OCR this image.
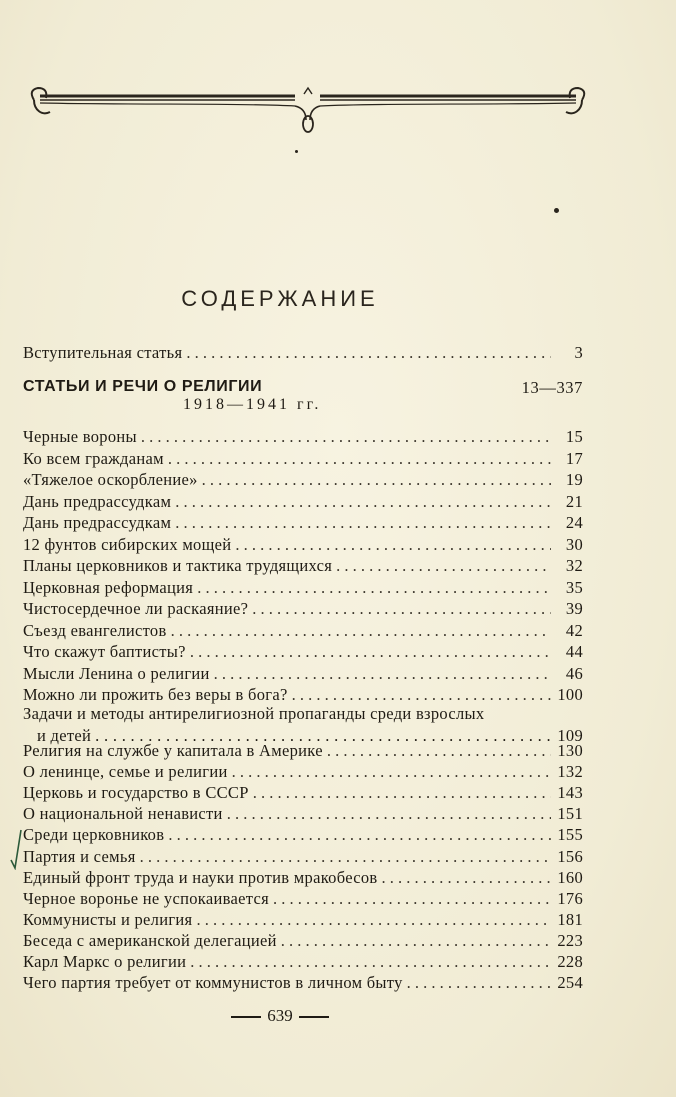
СОДЕРЖАНИЕ
Вступительная статья . . .	3
СТАТЬИ И РЕЧИ О РЕЛИГИИ	13—337
1918—1941 гг.
Черные вороны . . .	15
Ко всем гражданам . . .	17
«Тяжелое оскорбление» . . .	19
Дань предрассудкам . . .	21
Дань предрассудкам . . .	24
12 фунтов сибирских мощей . . .	30
Планы церковников и тактика трудящихся . . .	32
Церковная реформация . . .	35
Чистосердечное ли раскаяние? . . .	39
Съезд евангелистов . . .	42
Что скажут баптисты? . . .	44
Мысли Ленина о религии . . .	46
Можно ли прожить без веры в бога? . . .	100
Задачи и методы антирелигиозной пропаганды среди взрослых
и детей . . .	109
Религия на службе у капитала в Америке . . .	130
О ленинце, семье и религии . . .	132
Церковь и государство в СССР . . .	143
О национальной ненависти . . .	151
Среди церковников . . .	155
Партия и семья . . .	156
Единый фронт труда и науки против мракобесов . . .	160
Черное воронье не успокаивается . . .	176
Коммунисты и религия . . .	181
Беседа с американской делегацией . . .	223
Карл Маркс о религии . . .	228
Чего партия требует от коммунистов в личном быту . . .	254
639
